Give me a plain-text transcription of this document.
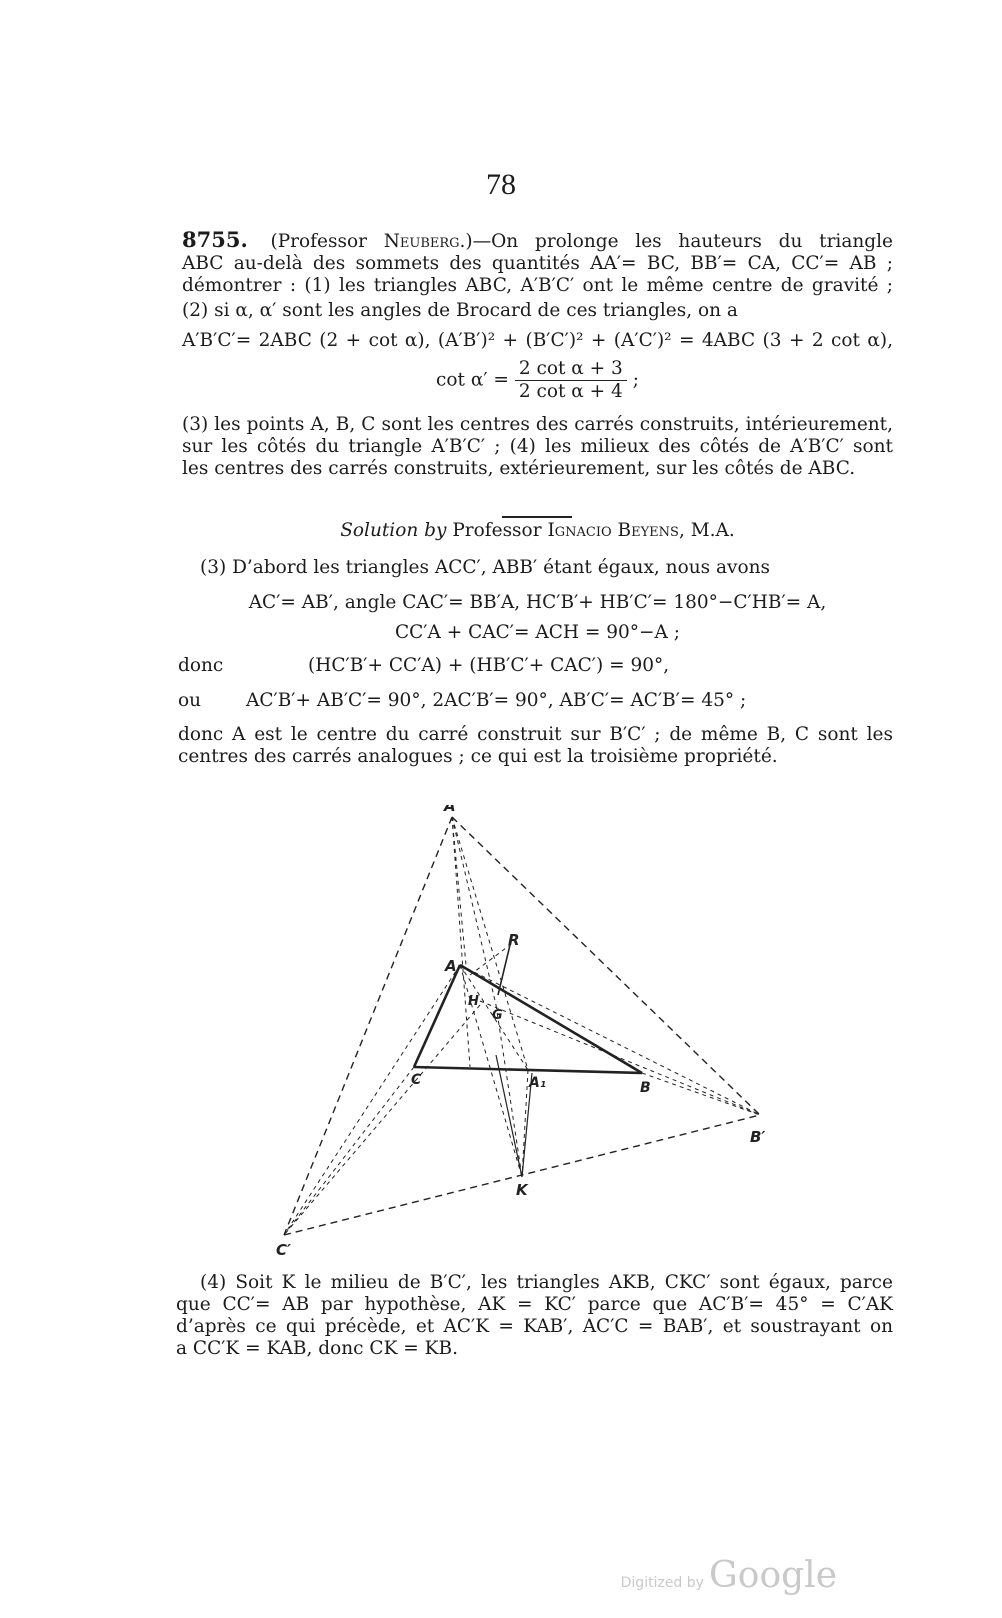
78
8755. (Professor Neuberg.)—On prolonge les hauteurs du triangle
ABC au-delà des sommets des quantités AA′= BC, BB′= CA, CC′= AB ;
démontrer : (1) les triangles ABC, A′B′C′ ont le même centre de gravité ;
(2) si α, α′ sont les angles de Brocard de ces triangles, on a
A′B′C′= 2ABC (2 + cot α), (A′B′)² + (B′C′)² + (A′C′)² = 4ABC (3 + 2 cot α),
$\cot \alpha' = \frac{\text{2 cot α + 3}}{\text{2 cot α + 4}}$ ;
(3) les points A, B, C sont les centres des carrés construits, intérieurement,
sur les côtés du triangle A′B′C′ ; (4) les milieux des côtés de A′B′C′ sont
les centres des carrés construits, extérieurement, sur les côtés de ABC.
Solution by Professor Ignacio Beyens, M.A.
(3) D’abord les triangles ACC′, ABB′ étant égaux, nous avons
AC′= AB′, angle CAC′= BB′A, HC′B′+ HB′C′= 180°−C′HB′= A,
CC′A + CAC′= ACH = 90°−A ;
donc	(HC′B′+ CC′A) + (HB′C′+ CAC′) = 90°,
ou AC′B′+ AB′C′= 90°, 2AC′B′= 90°, AB′C′= AC′B′= 45° ;
donc A est le centre du carré construit sur B′C′ ; de même B, C sont les
centres des carrés analogues ; ce qui est la troisième propriété.
A′
A
R
H
G
C	A₁	B
B′
K
C′
(4) Soit K le milieu de B′C′, les triangles AKB, CKC′ sont égaux, parce
que CC′= AB par hypothèse, AK = KC′ parce que AC′B′= 45° = C′AK
d’après ce qui précède, et AC′K = KAB′, AC′C = BAB′, et soustrayant on
a CC′K = KAB, donc CK = KB.
Digitized by Google
